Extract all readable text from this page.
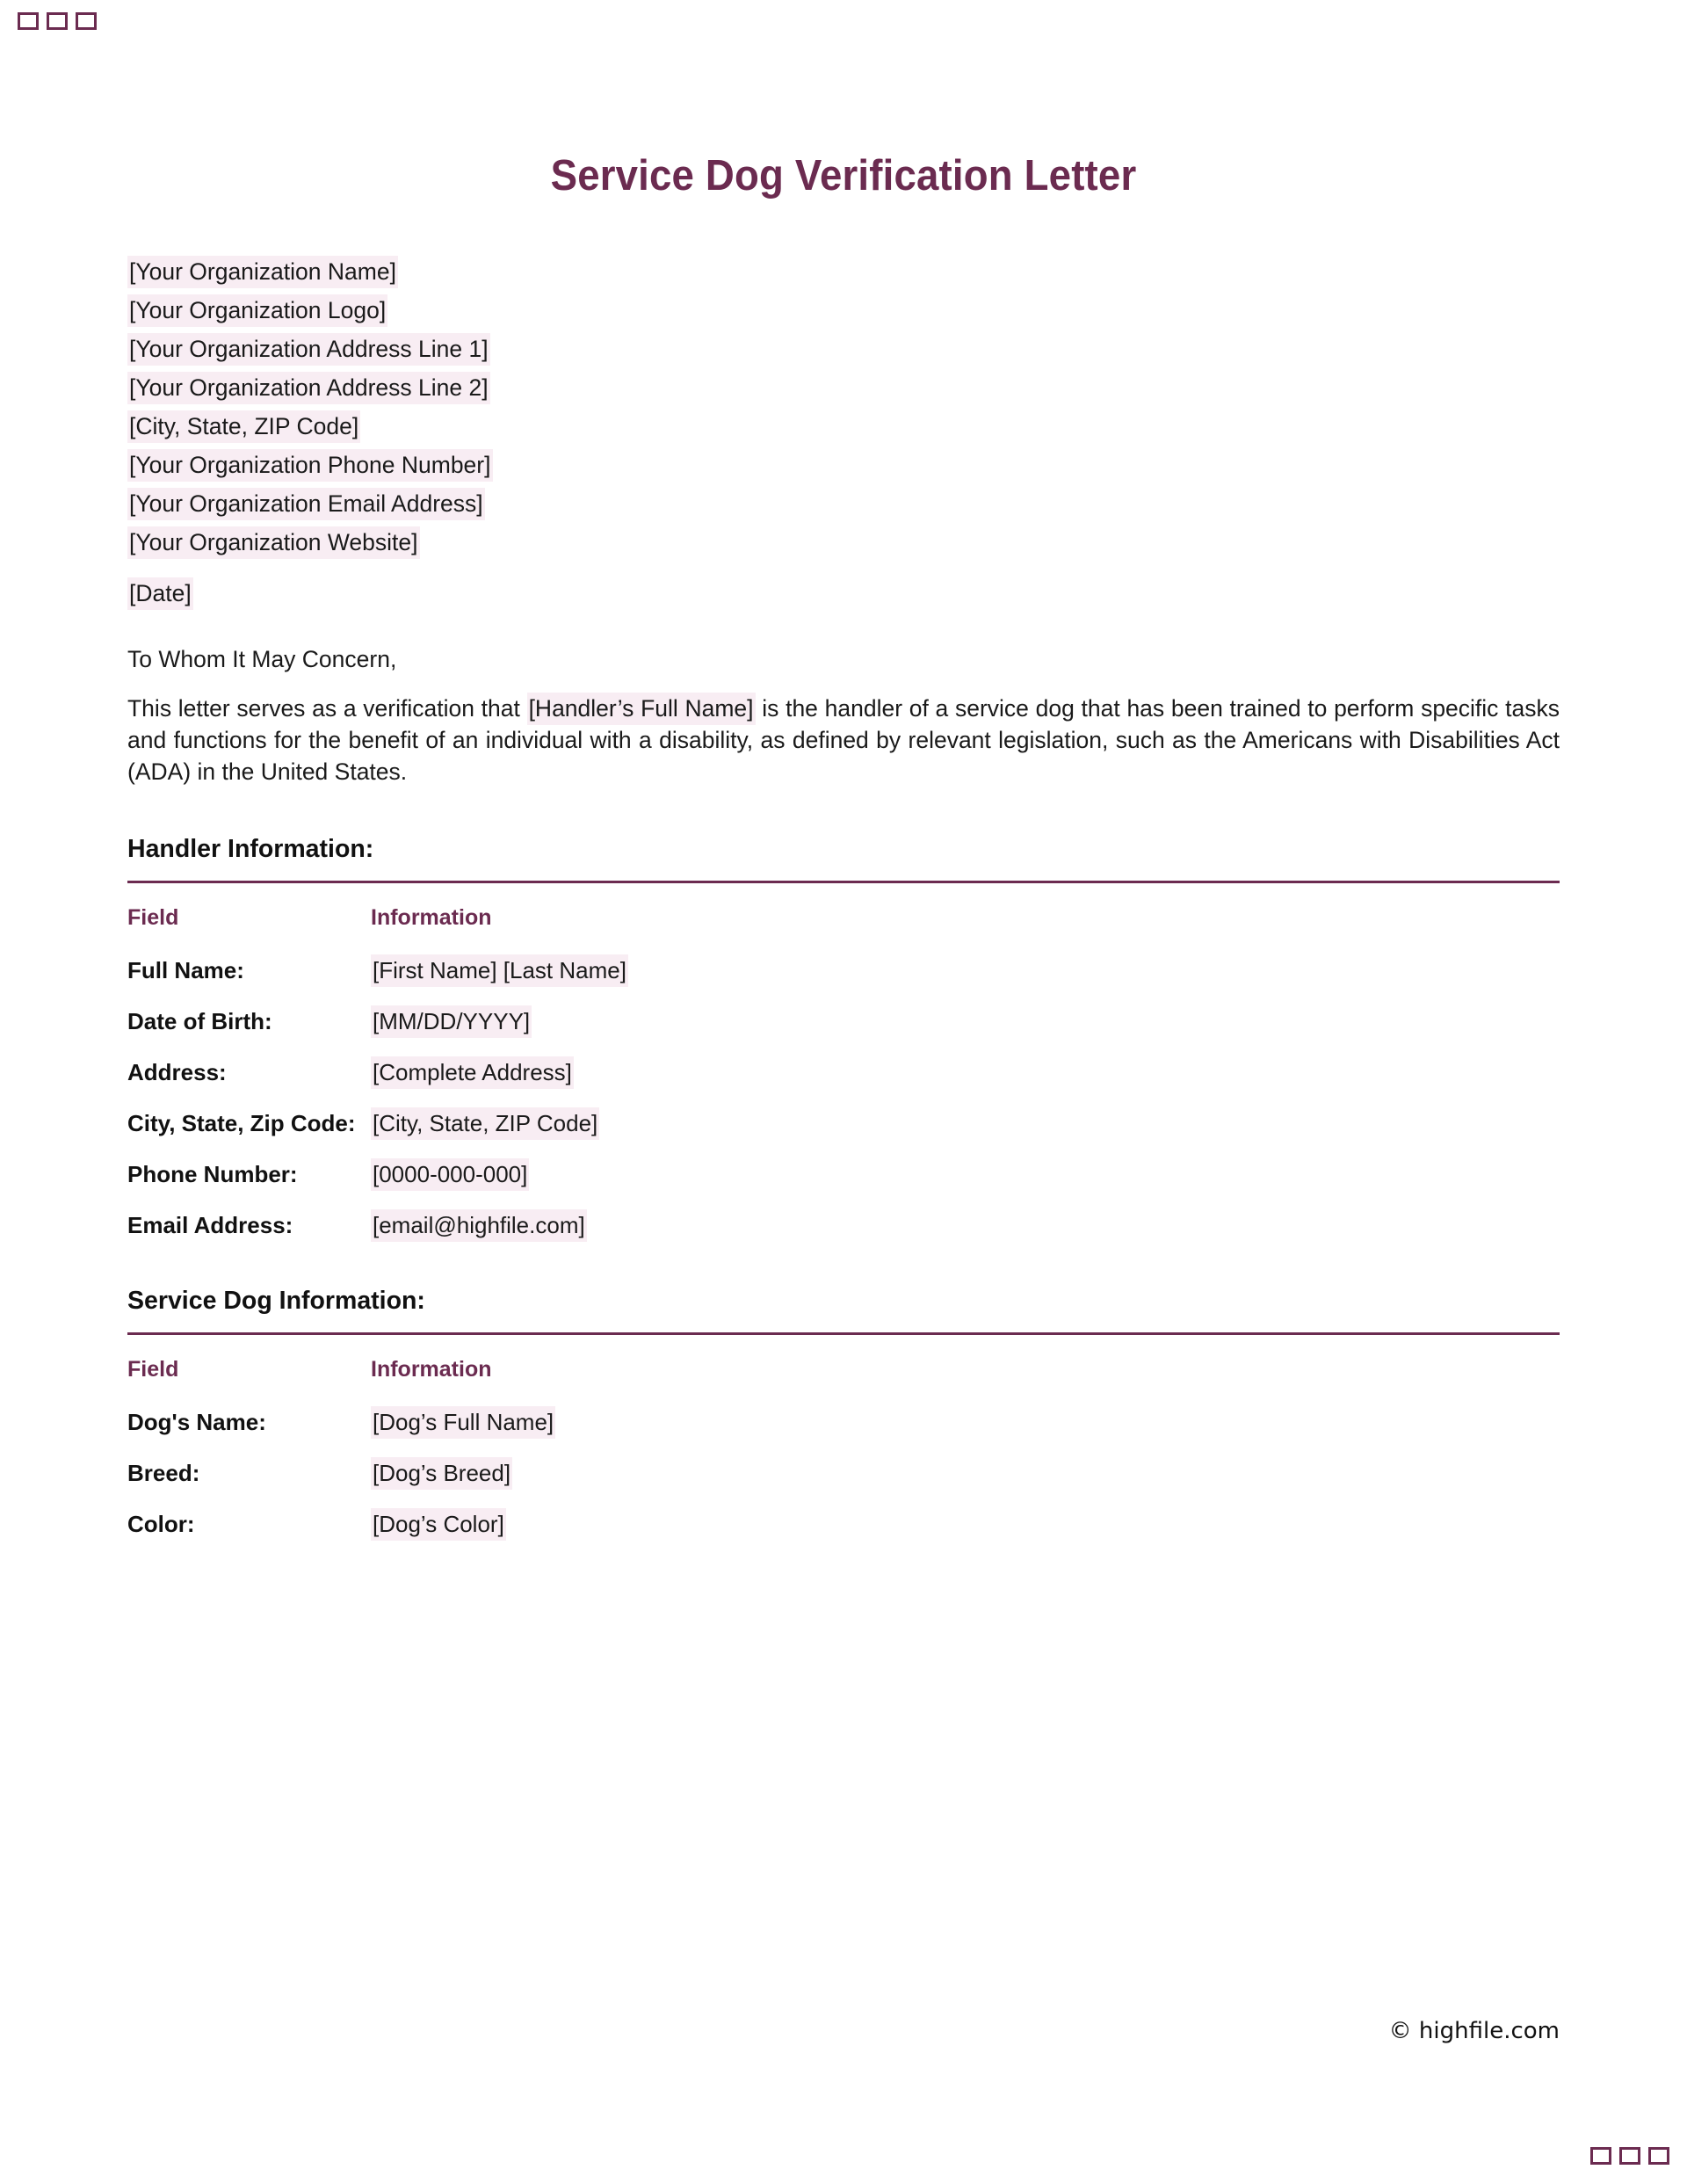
Service Dog Verification Letter
[Your Organization Name]
[Your Organization Logo]
[Your Organization Address Line 1]
[Your Organization Address Line 2]
[City, State, ZIP Code]
[Your Organization Phone Number]
[Your Organization Email Address]
[Your Organization Website]
[Date]
To Whom It May Concern,

This letter serves as a verification that [Handler’s Full Name] is the handler of a service dog that has been trained to perform specific tasks and functions for the benefit of an individual with a disability, as defined by relevant legislation, such as the Americans with Disabilities Act (ADA) in the United States.

Handler Information:
Field	Information
Full Name:	[First Name] [Last Name]
Date of Birth:	[MM/DD/YYYY]
Address:	[Complete Address]
City, State, Zip Code:	[City, State, ZIP Code]
Phone Number:	[0000-000-000]
Email Address:	[email@highfile.com]
Service Dog Information:
Field	Information
Dog's Name:	[Dog’s Full Name]
Breed:	[Dog’s Breed]
Color:	[Dog’s Color]
© highfile.com
